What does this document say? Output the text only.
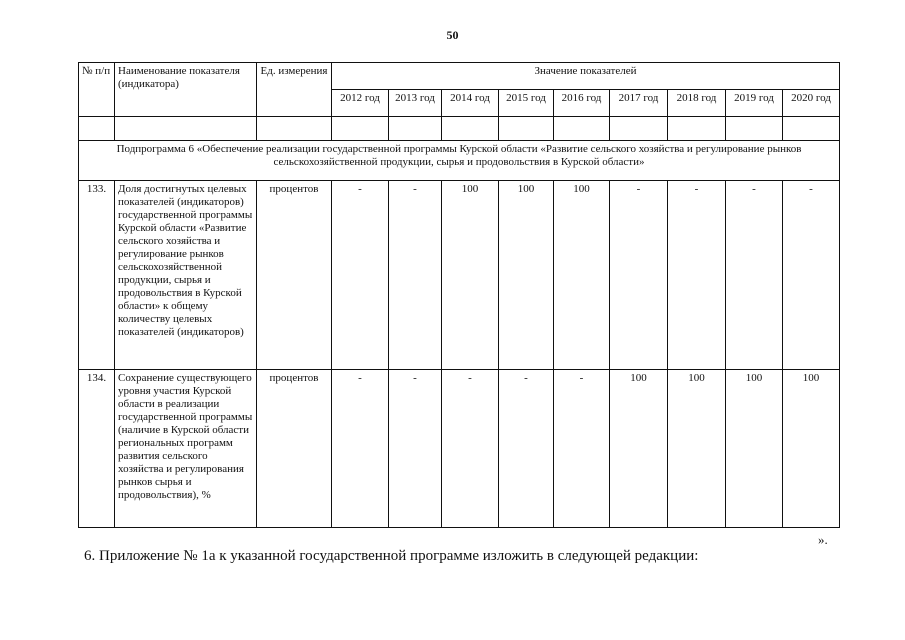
50
№ п/п	Наименование показателя (индикатора)	Ед. измерения	Значение показателей								
			2012 год	2013 год	2014 год	2015 год	2016 год	2017 год	2018 год	2019 год	2020 год

Подпрограмма 6 «Обеспечение реализации государственной программы Курской области «Развитие сельского хозяйства и регулирование рынков сельскохозяйственной продукции, сырья и продовольствия в Курской области»											
133.	Доля достигнутых целевых показателей (индикаторов) государственной программы Курской области «Развитие сельского хозяйства и регулирование рынков сельскохозяйственной продукции, сырья и продовольствия в Курской области» к общему количеству целевых показателей (индикаторов)	процентов	-	-	100	100	100	-	-	-	-
134.	Сохранение существующего уровня участия Курской области в реализации государственной программы (наличие в Курской области региональных программ развития сельского хозяйства и регулирования рынков сырья и продовольствия), %	процентов	-	-	-	-	-	100	100	100	100
».
6. Приложение № 1а к указанной государственной программе изложить в следующей редакции:
